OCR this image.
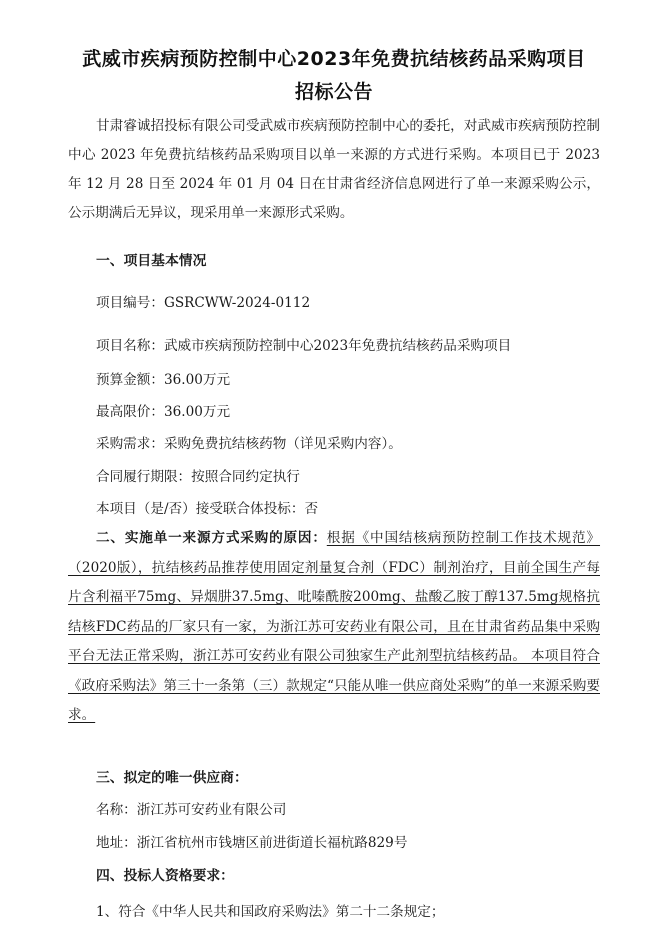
武威市疾病预防控制中心2023年免费抗结核药品采购项目
招标公告

甘肃睿诚招投标有限公司受武威市疾病预防控制中心的委托，对武威市疾病预防控制中心 2023 年免费抗结核药品采购项目以单一来源的方式进行采购。本项目已于 2023 年 12 月 28 日至 2024 年 01 月 04 日在甘肃省经济信息网进行了单一来源采购公示，公示期满后无异议，现采用单一来源形式采购。

一、项目基本情况
项目编号：GSRCWW-2024-0112
项目名称：武威市疾病预防控制中心2023年免费抗结核药品采购项目
预算金额：36.00万元
最高限价：36.00万元
采购需求：采购免费抗结核药物（详见采购内容）。
合同履行期限：按照合同约定执行
本项目（是/否）接受联合体投标：否

二、实施单一来源方式采购的原因：根据《中国结核病预防控制工作技术规范》（2020版），抗结核药品推荐使用固定剂量复合剂（FDC）制剂治疗，目前全国生产每片含利福平75mg、异烟肼37.5mg、吡嗪酰胺200mg、盐酸乙胺丁醇137.5mg规格抗结核FDC药品的厂家只有一家，为浙江苏可安药业有限公司，且在甘肃省药品集中采购平台无法正常采购，浙江苏可安药业有限公司独家生产此剂型抗结核药品。 本项目符合《政府采购法》第三十一条第（三）款规定“只能从唯一供应商处采购”的单一来源采购要求。

三、拟定的唯一供应商：
名称：浙江苏可安药业有限公司
地址：浙江省杭州市钱塘区前进街道长福杭路829号
四、投标人资格要求：
1、符合《中华人民共和国政府采购法》第二十二条规定；
